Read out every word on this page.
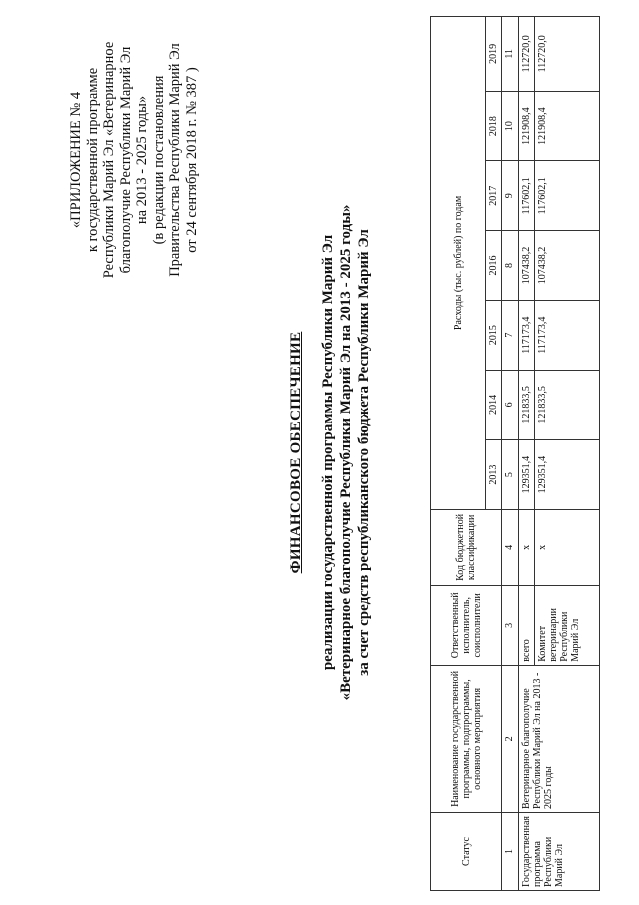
«ПРИЛОЖЕНИЕ № 4 к государственной программе Республики Марий Эл «Ветеринарное благополучие Республики Марий Эл на 2013 - 2025 годы» (в редакции постановления Правительства Республики Марий Эл от 24 сентября 2018 г. № 387 )
ФИНАНСОВОЕ ОБЕСПЕЧЕНИЕ реализации государственной программы Республики Марий Эл «Ветеринарное благополучие Республики Марий Эл на 2013 - 2025 годы» за счет средств республиканского бюджета Республики Марий Эл
Статус	Наименование государственной программы, подпрограммы, основного мероприятия	Ответственный исполнитель, соисполнители	Код бюджетной классификации	Расходы (тыс. рублей) по годам						
				2013	2014	2015	2016	2017	2018	2019
1	2	3	4	5	6	7	8	9	10	11
Государственная программа Республики Марий Эл	Ветеринарное благополучие Республики Марий Эл на 2013 - 2025 годы	всего	x	129351,4	121833,5	117173,4	107438,2	117602,1	121908,4	112720,0
		Комитет ветеринарии Республики Марий Эл	x	129351,4	121833,5	117173,4	107438,2	117602,1	121908,4	112720,0
